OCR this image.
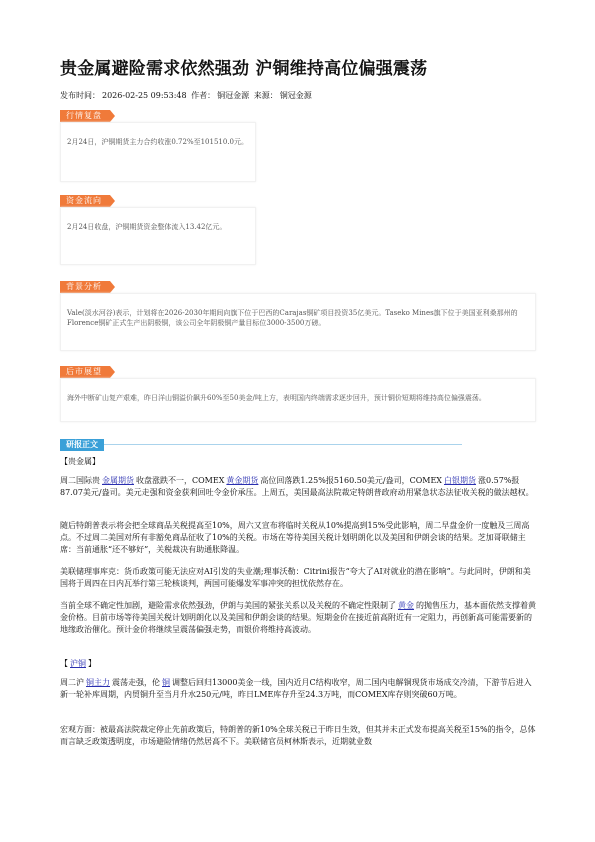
贵金属避险需求依然强劲 沪铜维持高位偏强震荡
发布时间： 2026-02-25 09:53:48 作者： 铜冠金源 来源： 铜冠金源
行情复盘
2月24日，沪铜期货主力合约收涨0.72%至101510.0元。
资金流向
2月24日收盘，沪铜期货资金整体流入13.42亿元。
背景分析
Vale(淡水河谷)表示，计划将在2026-2030年期间向旗下位于巴西的Carajas铜矿项目投资35亿美元。Taseko Mines旗下位于美国亚利桑那州的Florence铜矿正式生产出阴极铜，该公司全年阴极铜产量目标位3000-3500万磅。
后市展望
海外中断矿山复产艰难，昨日洋山铜溢价飙升60%至50美金/吨上方，表明国内终端需求逐步回升，预计铜价短期将维持高位偏强震荡。
研报正文
【贵金属】
周二国际贵 金属期货 收盘涨跌不一，COMEX 黄金期货 高位回落跌1.25%报5160.50美元/盎司，COMEX 白银期货 涨0.57%报87.07美元/盎司。美元走强和资金获利回吐令金价承压。上周五，美国最高法院裁定特朗普政府动用紧急状态法征收关税的做法越权。
随后特朗普表示将会把全球商品关税提高至10%，周六又宣布将临时关税从10%提高到15%受此影响，周二早盘金价一度触及三周高点。不过周二美国对所有非豁免商品征收了10%的关税。市场在等待美国关税计划明朗化以及美国和伊朗会谈的结果。芝加哥联储主席：当前通胀“还不够好”，关税裁决有助通胀降温。
美联储理事库克：货币政策可能无法应对AI引发的失业潮;理事沃勒：Citrini报告“夸大了AI对就业的潜在影响”。与此同时，伊朗和美国将于周四在日内瓦举行第三轮核谈判，两国可能爆发军事冲突的担忧依然存在。
当前全球不确定性加剧，避险需求依然强劲，伊朗与美国的紧张关系以及关税的不确定性限制了 黄金 的抛售压力，基本面依然支撑着黄金价格。目前市场等待美国关税计划明朗化以及美国和伊朗会谈的结果。短期金价在接近前高附近有一定阻力，再创新高可能需要新的地缘政治催化。预计金价将继续呈震荡偏强走势，而银价将维持高波动。
【 沪铜 】
周二沪 铜主力 震荡走强，伦 铜 调整后回归13000美金一线，国内近月C结构收窄，周二国内电解铜现货市场成交冷清，下游节后进入新一轮补库周期，内贸铜升至当月升水250元/吨，昨日LME库存升至24.3万吨，而COMEX库存则突破60万吨。
宏观方面：被最高法院裁定停止先前政策后，特朗普的新10%全球关税已于昨日生效，但其并未正式发布提高关税至15%的指令，总体而言缺乏政策透明度，市场避险情绪仍然居高不下。美联储官员柯林斯表示，近期就业数
